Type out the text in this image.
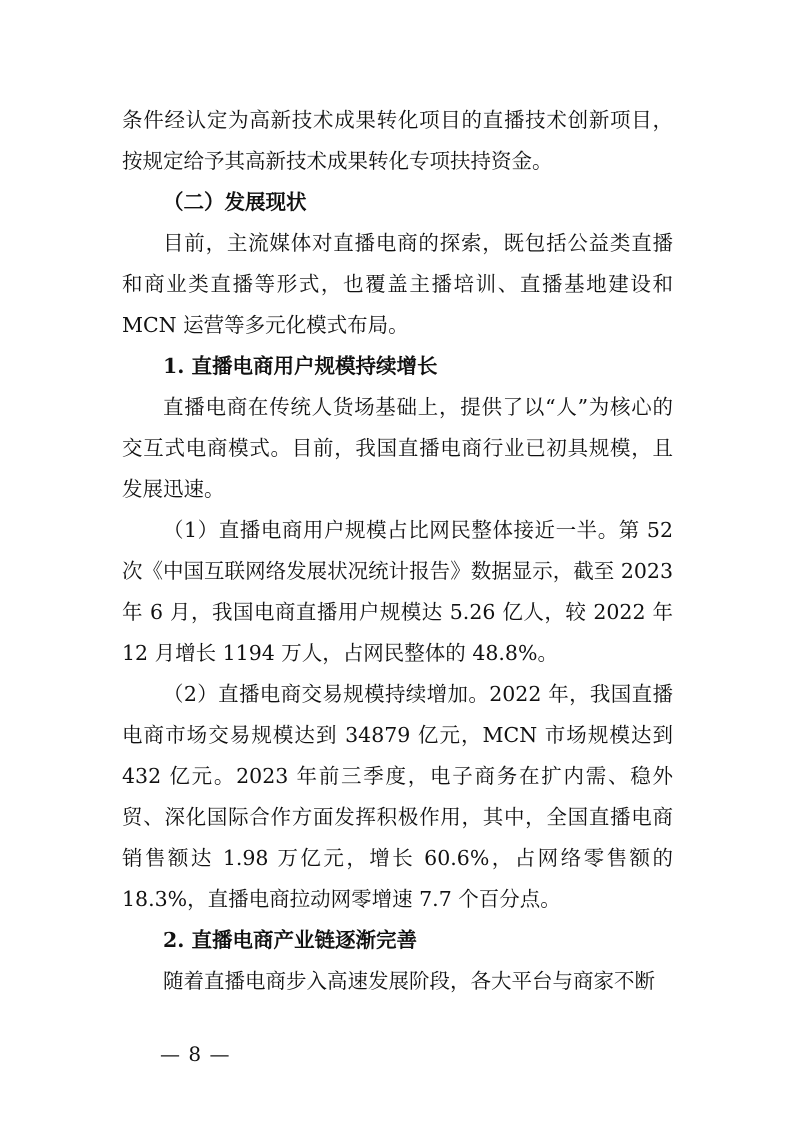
条件经认定为高新技术成果转化项目的直播技术创新项目，按规定给予其高新技术成果转化专项扶持资金。

（二）发展现状

目前，主流媒体对直播电商的探索，既包括公益类直播和商业类直播等形式，也覆盖主播培训、直播基地建设和MCN 运营等多元化模式布局。

1. 直播电商用户规模持续增长

直播电商在传统人货场基础上，提供了以“人”为核心的交互式电商模式。目前，我国直播电商行业已初具规模，且发展迅速。

（1）直播电商用户规模占比网民整体接近一半。第 52 次《中国互联网络发展状况统计报告》数据显示，截至 2023 年 6 月，我国电商直播用户规模达 5.26 亿人，较 2022 年 12 月增长 1194 万人，占网民整体的 48.8%。

（2）直播电商交易规模持续增加。2022 年，我国直播电商市场交易规模达到 34879 亿元，MCN 市场规模达到 432 亿元。2023 年前三季度，电子商务在扩内需、稳外贸、深化国际合作方面发挥积极作用，其中，全国直播电商销售额达 1.98 万亿元，增长 60.6%，占网络零售额的 18.3%，直播电商拉动网零增速 7.7 个百分点。

2. 直播电商产业链逐渐完善

随着直播电商步入高速发展阶段，各大平台与商家不断

— 8 —
